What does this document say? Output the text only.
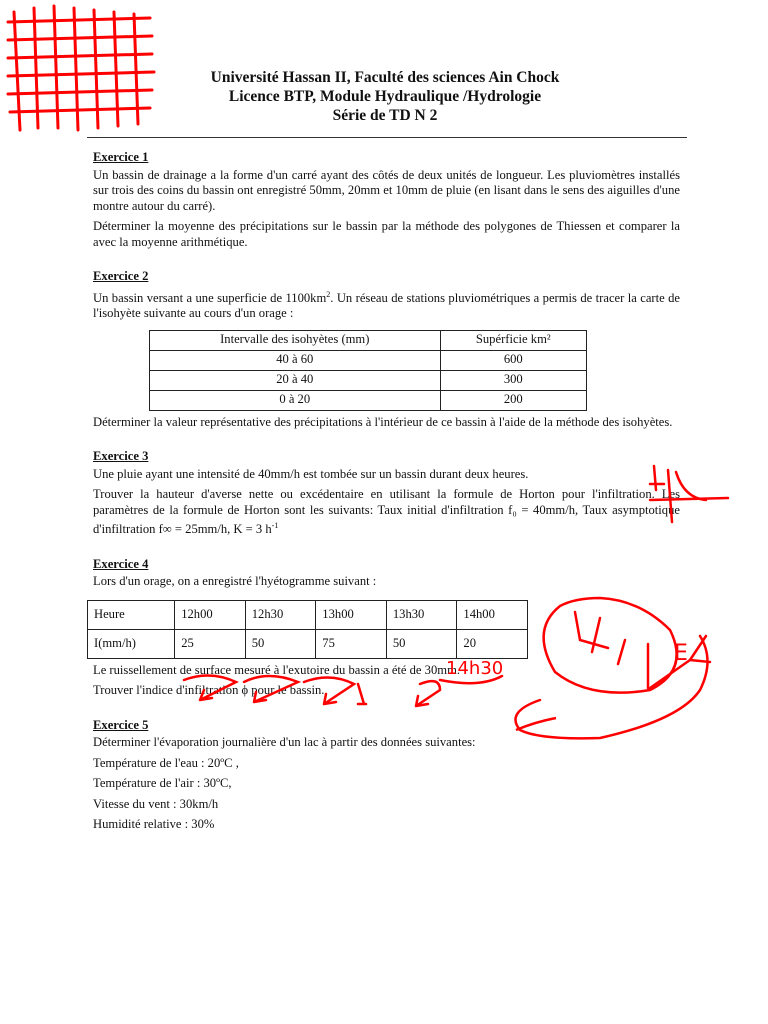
Université Hassan II, Faculté des sciences Ain Chock
Licence BTP, Module Hydraulique /Hydrologie
Série de TD N 2
Exercice 1

Un bassin de drainage a la forme d'un carré ayant des côtés de deux unités de longueur. Les pluviomètres installés sur trois des coins du bassin ont enregistré 50mm, 20mm et 10mm de pluie (en lisant dans le sens des aiguilles d'une montre autour du carré).

Déterminer la moyenne des précipitations sur le bassin par la méthode des polygones de Thiessen et comparer la avec la moyenne arithmétique.

Exercice 2

Un bassin versant a une superficie de $1100km^2$. Un réseau de stations pluviométriques a permis de tracer la carte de l'isohyète suivante au cours d'un orage :

Intervalle des isohyètes (mm)	Supérficie km²
40 à 60	600
20 à 40	300
0 à 20	200

Déterminer la valeur représentative des précipitations à l'intérieur de ce bassin à l'aide de la méthode des isohyètes.

Exercice 3

Une pluie ayant une intensité de 40mm/h est tombée sur un bassin durant deux heures.

Trouver la hauteur d'averse nette ou excédentaire en utilisant la formule de Horton pour l'infiltration. Les paramètres de la formule de Horton sont les suivants: Taux initial d'infiltration f₀ = 40mm/h, Taux asymptotique d'infiltration f∞ = 25mm/h, K = 3 $h^{-1}$

Exercice 4

Lors d'un orage, on a enregistré l'hyétogramme suivant :

Heure	12h00	12h30	13h00	13h30	14h00
I(mm/h)	25	50	75	50	20

Le ruissellement de surface mesuré à l'exutoire du bassin a été de 30mm.

Trouver l'indice d'infiltration ϕ pour le bassin.

Exercice 5

Déterminer l'évaporation journalière d'un lac à partir des données suivantes:

Température de l'eau : 20ºC ,
Température de l'air : 30ºC,
Vitesse du vent : 30km/h
Humidité relative : 30%
E
14h30
